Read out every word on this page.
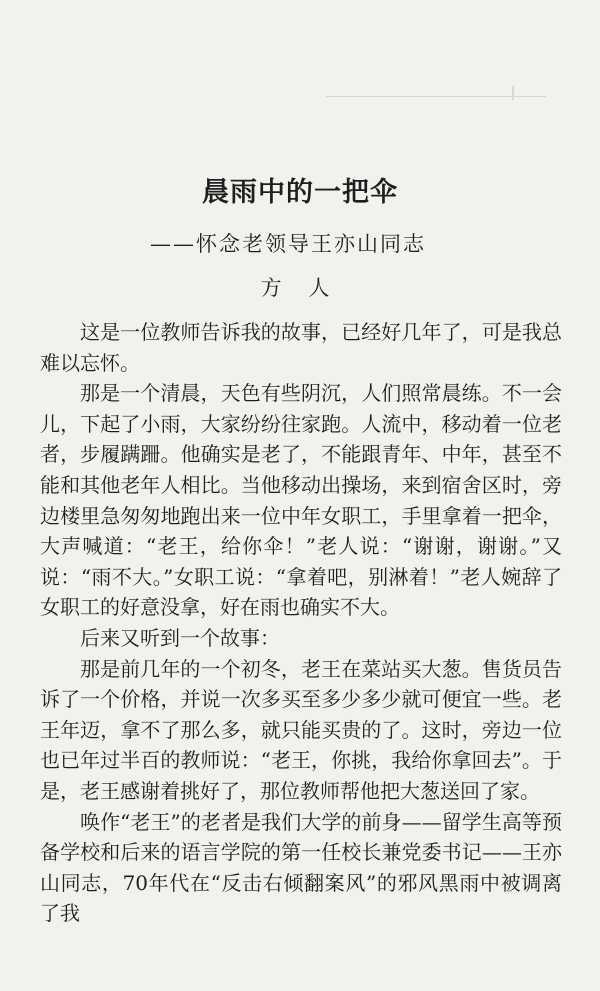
晨雨中的一把伞
——怀念老领导王亦山同志
方 人

这是一位教师告诉我的故事，已经好几年了，可是我总难以忘怀。

那是一个清晨，天色有些阴沉，人们照常晨练。不一会儿，下起了小雨，大家纷纷往家跑。人流中，移动着一位老者，步履蹒跚。他确实是老了，不能跟青年、中年，甚至不能和其他老年人相比。当他移动出操场，来到宿舍区时，旁边楼里急匆匆地跑出来一位中年女职工，手里拿着一把伞，大声喊道：“老王，给你伞！”老人说：“谢谢，谢谢。”又说：“雨不大。”女职工说：“拿着吧，别淋着！”老人婉辞了女职工的好意没拿，好在雨也确实不大。

后来又听到一个故事：

那是前几年的一个初冬，老王在菜站买大葱。售货员告诉了一个价格，并说一次多买至多少多少就可便宜一些。老王年迈，拿不了那么多，就只能买贵的了。这时，旁边一位也已年过半百的教师说：“老王，你挑，我给你拿回去”。于是，老王感谢着挑好了，那位教师帮他把大葱送回了家。

唤作“老王”的老者是我们大学的前身——留学生高等预备学校和后来的语言学院的第一任校长兼党委书记——王亦山同志，70年代在“反击右倾翻案风”的邪风黑雨中被调离了我
